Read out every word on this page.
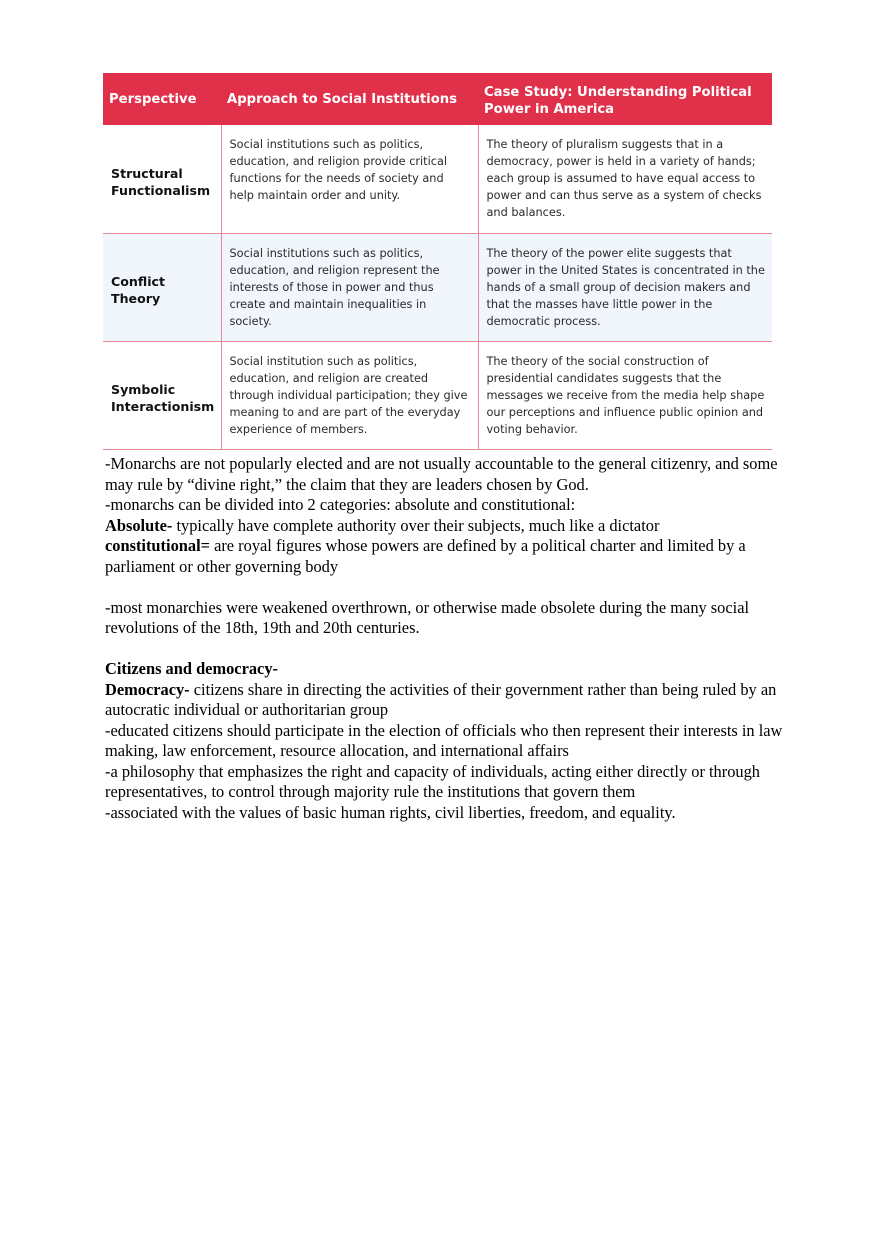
Perspective	Approach to Social Institutions	Case Study: Understanding Political Power in America
Structural Functionalism	Social institutions such as politics, education, and religion provide critical functions for the needs of society and help maintain order and unity.	The theory of pluralism suggests that in a democracy, power is held in a variety of hands; each group is assumed to have equal access to power and can thus serve as a system of checks and balances.
Conflict Theory	Social institutions such as politics, education, and religion represent the interests of those in power and thus create and maintain inequalities in society.	The theory of the power elite suggests that power in the United States is concentrated in the hands of a small group of decision makers and that the masses have little power in the democratic process.
Symbolic Interactionism	Social institution such as politics, education, and religion are created through individual participation; they give meaning to and are part of the everyday experience of members.	The theory of the social construction of presidential candidates suggests that the messages we receive from the media help shape our perceptions and influence public opinion and voting behavior.

-Monarchs are not popularly elected and are not usually accountable to the general citizenry, and some may rule by “divine right,” the claim that they are leaders chosen by God.

-monarchs can be divided into 2 categories: absolute and constitutional:

Absolute- typically have complete authority over their subjects, much like a dictator

constitutional= are royal figures whose powers are defined by a political charter and limited by a parliament or other governing body

-most monarchies were weakened overthrown, or otherwise made obsolete during the many social revolutions of the 18th, 19th and 20th centuries.

Citizens and democracy-

Democracy- citizens share in directing the activities of their government rather than being ruled by an autocratic individual or authoritarian group

-educated citizens should participate in the election of officials who then represent their interests in law making, law enforcement, resource allocation, and international affairs

-a philosophy that emphasizes the right and capacity of individuals, acting either directly or through representatives, to control through majority rule the institutions that govern them

-associated with the values of basic human rights, civil liberties, freedom, and equality.
